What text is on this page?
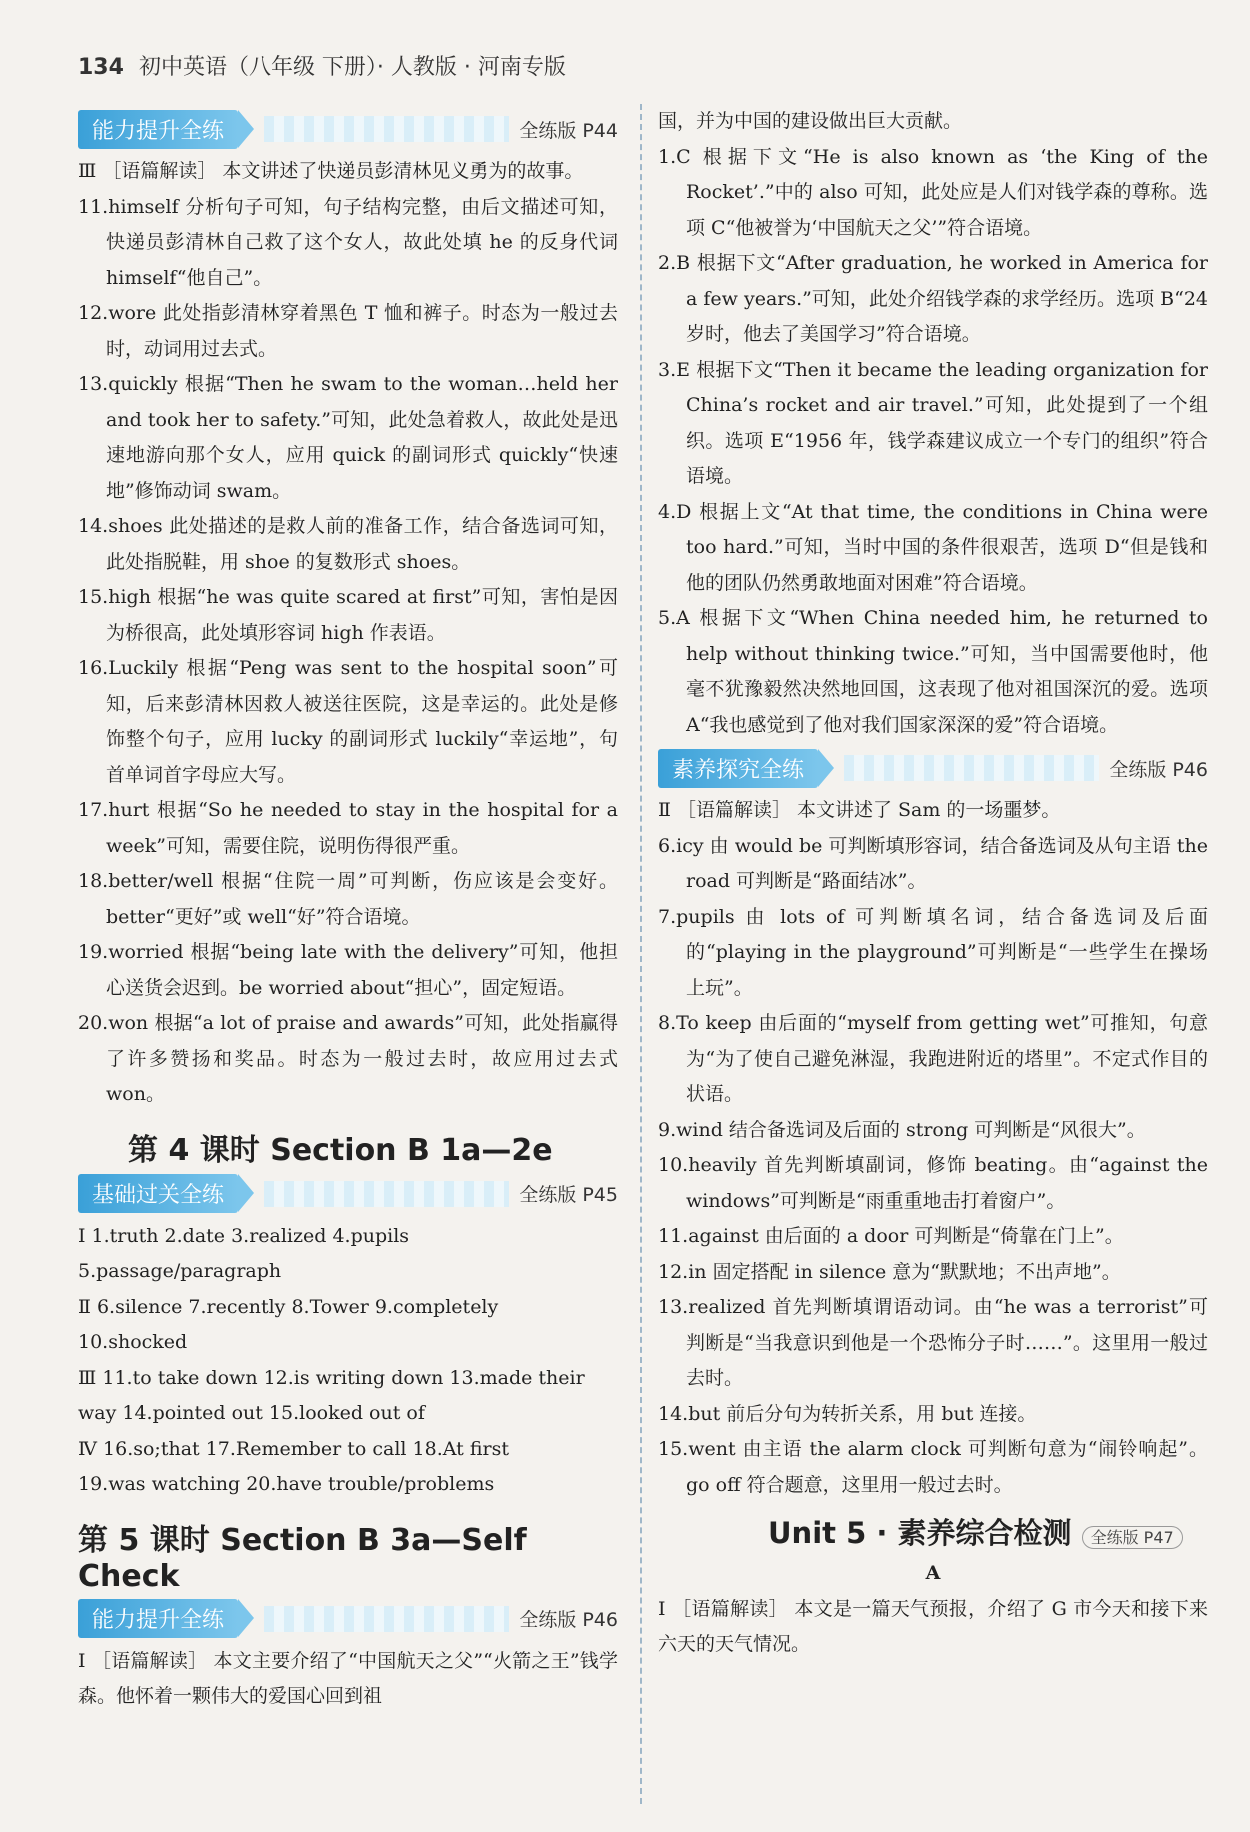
134 初中英语（八年级 下册）· 人教版 · 河南专版
能力提升全练	全练版 P44

Ⅲ ［语篇解读］ 本文讲述了快递员彭清林见义勇为的故事。

11.himself 分析句子可知，句子结构完整，由后文描述可知，快递员彭清林自己救了这个女人，故此处填 he 的反身代词 himself“他自己”。

12.wore 此处指彭清林穿着黑色 T 恤和裤子。时态为一般过去时，动词用过去式。

13.quickly 根据“Then he swam to the woman…held her and took her to safety.”可知，此处急着救人，故此处是迅速地游向那个女人，应用 quick 的副词形式 quickly“快速地”修饰动词 swam。

14.shoes 此处描述的是救人前的准备工作，结合备选词可知，此处指脱鞋，用 shoe 的复数形式 shoes。

15.high 根据“he was quite scared at first”可知，害怕是因为桥很高，此处填形容词 high 作表语。

16.Luckily 根据“Peng was sent to the hospital soon”可知，后来彭清林因救人被送往医院，这是幸运的。此处是修饰整个句子，应用 lucky 的副词形式 luckily“幸运地”，句首单词首字母应大写。

17.hurt 根据“So he needed to stay in the hospital for a week”可知，需要住院，说明伤得很严重。

18.better/well 根据“住院一周”可判断，伤应该是会变好。better“更好”或 well“好”符合语境。

19.worried 根据“being late with the delivery”可知，他担心送货会迟到。be worried about“担心”，固定短语。

20.won 根据“a lot of praise and awards”可知，此处指赢得了许多赞扬和奖品。时态为一般过去时，故应用过去式 won。

第 4 课时 Section B 1a—2e
基础过关全练	全练版 P45

Ⅰ 1.truth 2.date 3.realized 4.pupils

5.passage/paragraph

Ⅱ 6.silence 7.recently 8.Tower 9.completely

10.shocked

Ⅲ 11.to take down 12.is writing down 13.made their

way 14.pointed out 15.looked out of

Ⅳ 16.so;that 17.Remember to call 18.At first

19.was watching 20.have trouble/problems

第 5 课时 Section B 3a—Self Check
能力提升全练	全练版 P46

Ⅰ ［语篇解读］ 本文主要介绍了“中国航天之父”“火箭之王”钱学森。他怀着一颗伟大的爱国心回到祖

国，并为中国的建设做出巨大贡献。

1.C 根据下文“He is also known as ‘the King of the Rocket’.”中的 also 可知，此处应是人们对钱学森的尊称。选项 C“他被誉为‘中国航天之父’”符合语境。

2.B 根据下文“After graduation, he worked in America for a few years.”可知，此处介绍钱学森的求学经历。选项 B“24 岁时，他去了美国学习”符合语境。

3.E 根据下文“Then it became the leading organization for China’s rocket and air travel.”可知，此处提到了一个组织。选项 E“1956 年，钱学森建议成立一个专门的组织”符合语境。

4.D 根据上文“At that time, the conditions in China were too hard.”可知，当时中国的条件很艰苦，选项 D“但是钱和他的团队仍然勇敢地面对困难”符合语境。

5.A 根据下文“When China needed him, he returned to help without thinking twice.”可知，当中国需要他时，他毫不犹豫毅然决然地回国，这表现了他对祖国深沉的爱。选项 A“我也感觉到了他对我们国家深深的爱”符合语境。

素养探究全练	全练版 P46

Ⅱ ［语篇解读］ 本文讲述了 Sam 的一场噩梦。

6.icy 由 would be 可判断填形容词，结合备选词及从句主语 the road 可判断是“路面结冰”。

7.pupils 由 lots of 可判断填名词，结合备选词及后面的“playing in the playground”可判断是“一些学生在操场上玩”。

8.To keep 由后面的“myself from getting wet”可推知，句意为“为了使自己避免淋湿，我跑进附近的塔里”。不定式作目的状语。

9.wind 结合备选词及后面的 strong 可判断是“风很大”。

10.heavily 首先判断填副词，修饰 beating。由“against the windows”可判断是“雨重重地击打着窗户”。

11.against 由后面的 a door 可判断是“倚靠在门上”。

12.in 固定搭配 in silence 意为“默默地；不出声地”。

13.realized 首先判断填谓语动词。由“he was a terrorist”可判断是“当我意识到他是一个恐怖分子时……”。这里用一般过去时。

14.but 前后分句为转折关系，用 but 连接。

15.went 由主语 the alarm clock 可判断句意为“闹铃响起”。go off 符合题意，这里用一般过去时。

Unit 5 · 素养综合检测 全练版 P47

A

Ⅰ ［语篇解读］ 本文是一篇天气预报，介绍了 G 市今天和接下来六天的天气情况。
